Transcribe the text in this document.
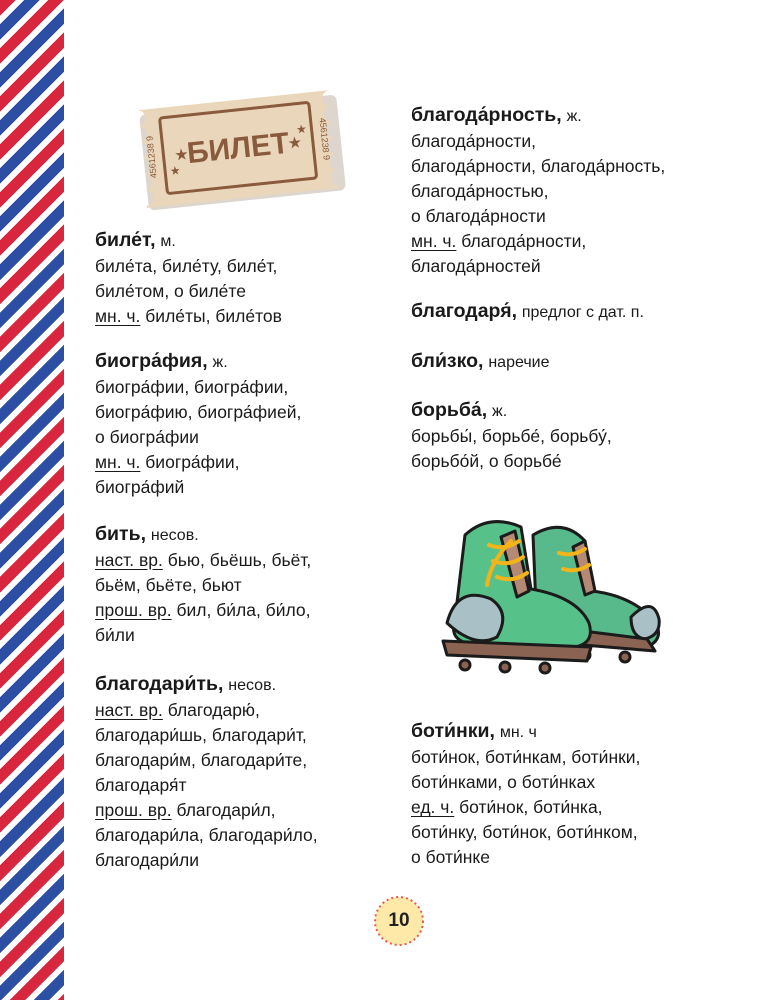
БИЛЕТ
★
★
★
★
4561238 9	4561238 9
биле́т, м.
биле́та, биле́ту, биле́т,
биле́том, о биле́те
мн. ч. биле́ты, биле́тов
биогра́фия, ж.
биогра́фии, биогра́фии,
биогра́фию, биогра́фией,
о биогра́фии
мн. ч. биогра́фии,
биогра́фий
бить, несов.
наст. вр. бью, бьёшь, бьёт,
бьём, бьёте, бьют
прош. вр. бил, би́ла, би́ло,
би́ли
благодари́ть, несов.
наст. вр. благодарю́,
благодари́шь, благодари́т,
благодари́м, благодари́те,
благодаря́т
прош. вр. благодари́л,
благодари́ла, благодари́ло,
благодари́ли
благода́рность, ж.
благода́рности,
благода́рности, благода́рность,
благода́рностью,
о благода́рности
мн. ч. благода́рности,
благода́рностей
благодаря́, предлог с дат. п.
бли́зко, наречие
борьба́, ж.
борьбы́, борьбе́, борьбу́,
борьбо́й, о борьбе́
боти́нки, мн. ч
боти́нок, боти́нкам, боти́нки,
боти́нками, о боти́нках
ед. ч. боти́нок, боти́нка,
боти́нку, боти́нок, боти́нком,
о боти́нке
10
